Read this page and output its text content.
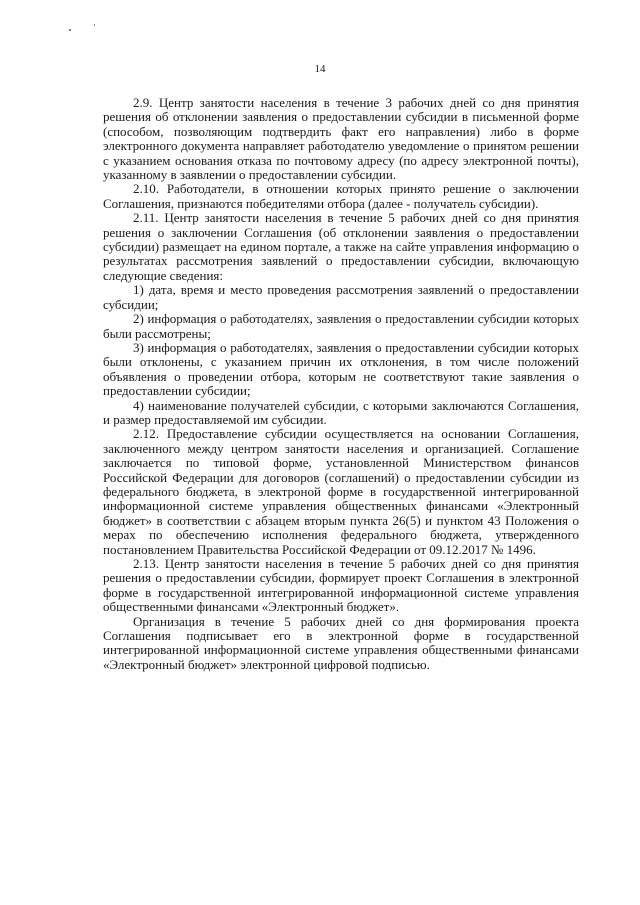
14

2.9. Центр занятости населения в течение 3 рабочих дней со дня принятия решения об отклонении заявления о предоставлении субсидии в письменной форме (способом, позволяющим подтвердить факт его направления) либо в форме электронного документа направляет работодателю уведомление о принятом решении с указанием основания отказа по почтовому адресу (по адресу электронной почты), указанному в заявлении о предоставлении субсидии.

2.10. Работодатели, в отношении которых принято решение о заключении Соглашения, признаются победителями отбора (далее - получатель субсидии).

2.11. Центр занятости населения в течение 5 рабочих дней со дня принятия решения о заключении Соглашения (об отклонении заявления о предоставлении субсидии) размещает на едином портале, а также на сайте управления информацию о результатах рассмотрения заявлений о предоставлении субсидии, включающую следующие сведения:

1) дата, время и место проведения рассмотрения заявлений о предоставлении субсидии;

2) информация о работодателях, заявления о предоставлении субсидии которых были рассмотрены;

3) информация о работодателях, заявления о предоставлении субсидии которых были отклонены, с указанием причин их отклонения, в том числе положений объявления о проведении отбора, которым не соответствуют такие заявления о предоставлении субсидии;

4) наименование получателей субсидии, с которыми заключаются Соглашения, и размер предоставляемой им субсидии.

2.12. Предоставление субсидии осуществляется на основании Соглашения, заключенного между центром занятости населения и организацией. Соглашение заключается по типовой форме, установленной Министерством финансов Российской Федерации для договоров (соглашений) о предоставлении субсидии из федерального бюджета, в электроной форме в государственной интегрированной информационной системе управления общественных финансами «Электронный бюджет» в соответствии с абзацем вторым пункта 26(5) и пунктом 43 Положения о мерах по обеспечению исполнения федерального бюджета, утвержденного постановлением Правительства Российской Федерации от 09.12.2017 № 1496.

2.13. Центр занятости населения в течение 5 рабочих дней со дня принятия решения о предоставлении субсидии, формирует проект Соглашения в электронной форме в государственной интегрированной информационной системе управления общественными финансами «Электронный бюджет».

Организация в течение 5 рабочих дней со дня формирования проекта Соглашения подписывает его в электронной форме в государственной интегрированной информационной системе управления общественными финансами «Электронный бюджет» электронной цифровой подписью.
